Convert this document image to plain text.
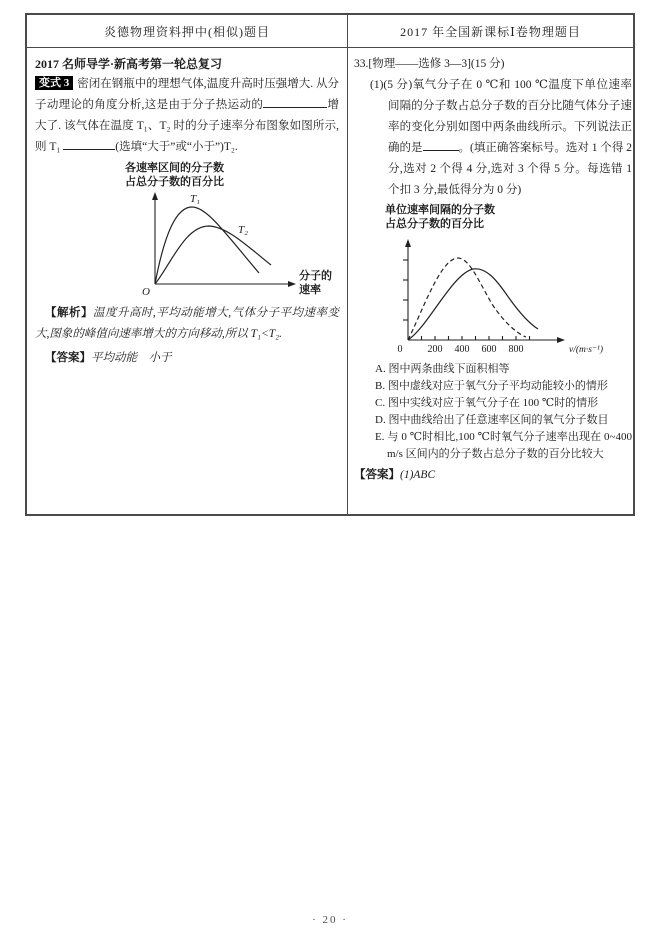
炎德物理资料押中(相似)题目	2017 年全国新课标Ⅰ卷物理题目
2017 名师导学·新高考第一轮总复习

变式 3 密闭在钢瓶中的理想气体,温度升高时压强增大. 从分子动理论的角度分析,这是由于分子热运动的	增大了. 该气体在温度 T₁、T₂ 时的分子速率分布图象如图所示,则 T₁	(选填“大于”或“小于”)T₂.

各速率区间的分子数
占总分子数的百分比
T₁
T₂
O
分子的
速率

【解析】温度升高时,平均动能增大,气体分子平均速率变大,图象的峰值向速率增大的方向移动,所以 T₁<T₂.

【答案】平均动能　小于

33.[物理——选修 3—3](15 分)

(1)(5 分)氧气分子在 0 ℃和 100 ℃温度下单位速率间隔的分子数占总分子数的百分比随气体分子速率的变化分别如图中两条曲线所示。下列说法正确的是	。(填正确答案标号。选对 1 个得 2 分,选对 2 个得 4 分,选对 3 个得 5 分。每选错 1 个扣 3 分,最低得分为 0 分)

单位速率间隔的分子数
占总分子数的百分比
0	200 400 600 800	v/(m·s⁻¹)
A. 图中两条曲线下面积相等
B. 图中虚线对应于氧气分子平均动能较小的情形
C. 图中实线对应于氧气分子在 100 ℃时的情形
D. 图中曲线给出了任意速率区间的氧气分子数目
E. 与 0 ℃时相比,100 ℃时氧气分子速率出现在 0~400 m/s 区间内的分子数占总分子数的百分比较大
【答案】(1)ABC
· 20 ·
